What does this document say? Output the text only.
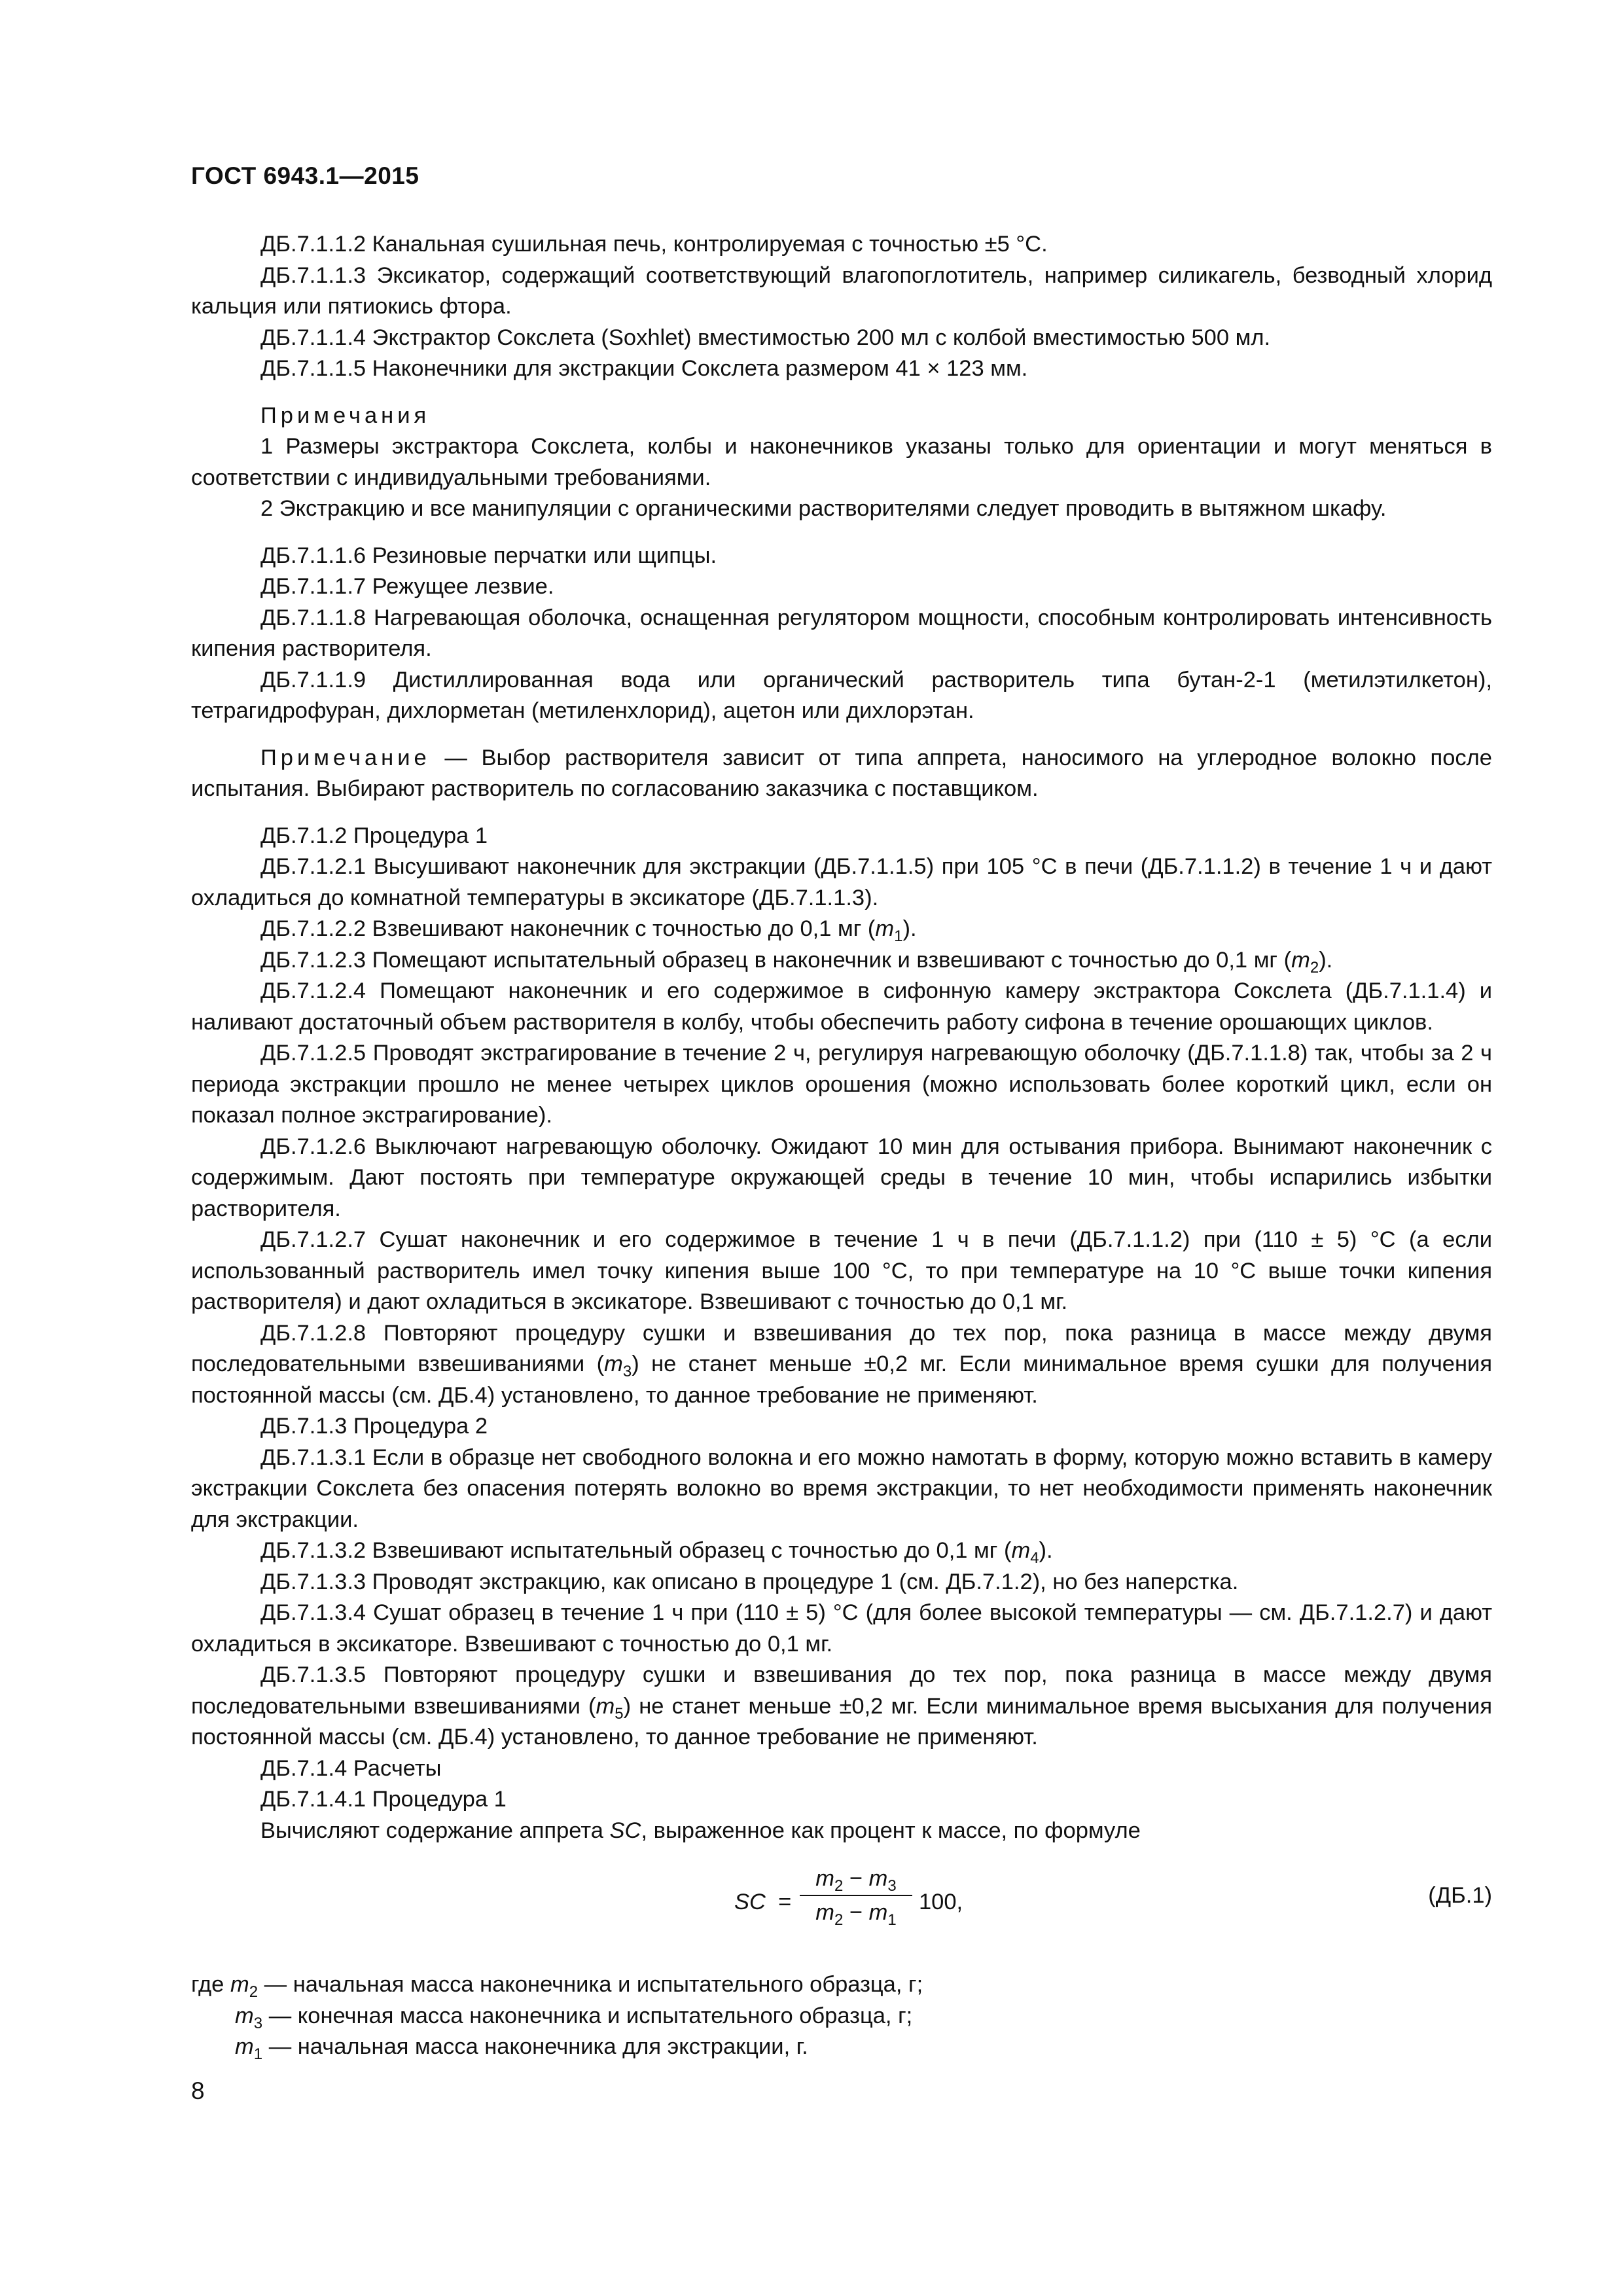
ГОСТ 6943.1—2015

ДБ.7.1.1.2 Канальная сушильная печь, контролируемая с точностью ±5 °С.

ДБ.7.1.1.3 Эксикатор, содержащий соответствующий влагопоглотитель, например силикагель, безводный хлорид кальция или пятиокись фтора.

ДБ.7.1.1.4 Экстрактор Сокслета (Soxhlet) вместимостью 200 мл с колбой вместимостью 500 мл.

ДБ.7.1.1.5 Наконечники для экстракции Сокслета размером 41 × 123 мм.

Примечания

1 Размеры экстрактора Сокслета, колбы и наконечников указаны только для ориентации и могут меняться в соответствии с индивидуальными требованиями.

2 Экстракцию и все манипуляции с органическими растворителями следует проводить в вытяжном шкафу.

ДБ.7.1.1.6 Резиновые перчатки или щипцы.

ДБ.7.1.1.7 Режущее лезвие.

ДБ.7.1.1.8 Нагревающая оболочка, оснащенная регулятором мощности, способным контролировать интенсивность кипения растворителя.

ДБ.7.1.1.9 Дистиллированная вода или органический растворитель типа бутан-2-1 (метилэтилкетон), тетрагидрофуран, дихлорметан (метиленхлорид), ацетон или дихлорэтан.

Примечание — Выбор растворителя зависит от типа аппрета, наносимого на углеродное волокно после испытания. Выбирают растворитель по согласованию заказчика с поставщиком.

ДБ.7.1.2 Процедура 1

ДБ.7.1.2.1 Высушивают наконечник для экстракции (ДБ.7.1.1.5) при 105 °С в печи (ДБ.7.1.1.2) в течение 1 ч и дают охладиться до комнатной температуры в эксикаторе (ДБ.7.1.1.3).

ДБ.7.1.2.2 Взвешивают наконечник с точностью до 0,1 мг $(m_1)$.

ДБ.7.1.2.3 Помещают испытательный образец в наконечник и взвешивают с точностью до 0,1 мг $(m_2)$.

ДБ.7.1.2.4 Помещают наконечник и его содержимое в сифонную камеру экстрактора Сокслета (ДБ.7.1.1.4) и наливают достаточный объем растворителя в колбу, чтобы обеспечить работу сифона в течение орошающих циклов.

ДБ.7.1.2.5 Проводят экстрагирование в течение 2 ч, регулируя нагревающую оболочку (ДБ.7.1.1.8) так, чтобы за 2 ч периода экстракции прошло не менее четырех циклов орошения (можно использовать более короткий цикл, если он показал полное экстрагирование).

ДБ.7.1.2.6 Выключают нагревающую оболочку. Ожидают 10 мин для остывания прибора. Вынимают наконечник с содержимым. Дают постоять при температуре окружающей среды в течение 10 мин, чтобы испарились избытки растворителя.

ДБ.7.1.2.7 Сушат наконечник и его содержимое в течение 1 ч в печи (ДБ.7.1.1.2) при (110 ± 5) °С (а если использованный растворитель имел точку кипения выше 100 °С, то при температуре на 10 °С выше точки кипения растворителя) и дают охладиться в эксикаторе. Взвешивают с точностью до 0,1 мг.

ДБ.7.1.2.8 Повторяют процедуру сушки и взвешивания до тех пор, пока разница в массе между двумя последовательными взвешиваниями $(m_3)$ не станет меньше ±0,2 мг. Если минимальное время сушки для получения постоянной массы (см. ДБ.4) установлено, то данное требование не применяют.

ДБ.7.1.3 Процедура 2

ДБ.7.1.3.1 Если в образце нет свободного волокна и его можно намотать в форму, которую можно вставить в камеру экстракции Сокслета без опасения потерять волокно во время экстракции, то нет необходимости применять наконечник для экстракции.

ДБ.7.1.3.2 Взвешивают испытательный образец с точностью до 0,1 мг $(m_4)$.

ДБ.7.1.3.3 Проводят экстракцию, как описано в процедуре 1 (см. ДБ.7.1.2), но без наперстка.

ДБ.7.1.3.4 Сушат образец в течение 1 ч при (110 ± 5) °С (для более высокой температуры — см. ДБ.7.1.2.7) и дают охладиться в эксикаторе. Взвешивают с точностью до 0,1 мг.

ДБ.7.1.3.5 Повторяют процедуру сушки и взвешивания до тех пор, пока разница в массе между двумя последовательными взвешиваниями $(m_5)$ не станет меньше ±0,2 мг. Если минимальное время высыхания для получения постоянной массы (см. ДБ.4) установлено, то данное требование не применяют.

ДБ.7.1.4 Расчеты

ДБ.7.1.4.1 Процедура 1

Вычисляют содержание аппрета SC, выраженное как процент к массе, по формуле

SC = $\frac{m_2 - m_3}{m_2 - m_1} 100$,	(ДБ.1)

где $m_2$ — начальная масса наконечника и испытательного образца, г;

$m_3$ — конечная масса наконечника и испытательного образца, г;

$m_1$ — начальная масса наконечника для экстракции, г.

8
